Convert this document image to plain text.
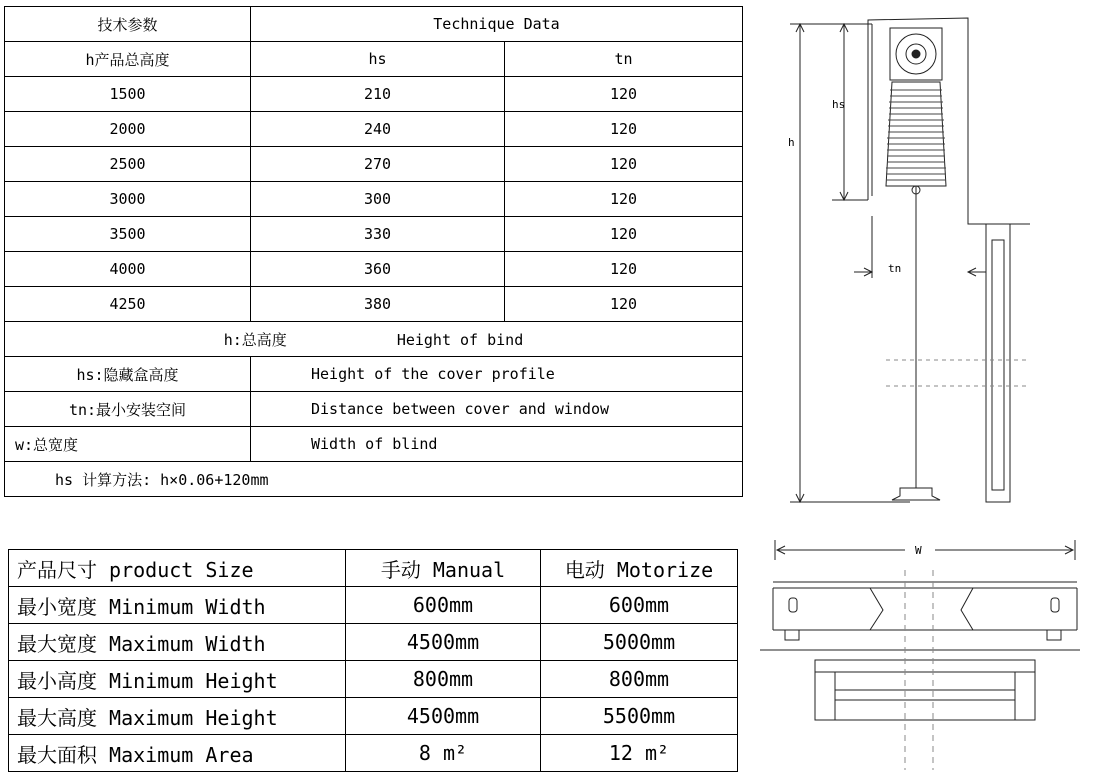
技术参数	Technique Data	
h产品总高度	hs	tn
1500	210	120
2000	240	120
2500	270	120
3000	300	120
3500	330	120
4000	360	120
4250	380	120
h:总高度 Height of bind		
hs:隐藏盒高度	Height of the cover profile	
tn:最小安装空间	Distance between cover and window	
w:总宽度	Width of blind	
hs 计算方法: h×0.06+120mm		
产品尺寸 product Size	手动 Manual	电动 Motorize
最小宽度 Minimum Width	600mm	600mm
最大宽度 Maximum Width	4500mm	5000mm
最小高度 Minimum Height	800mm	800mm
最大高度 Maximum Height	4500mm	5500mm
最大面积 Maximum Area	8 m²	12 m²
h
hs
tn
W
